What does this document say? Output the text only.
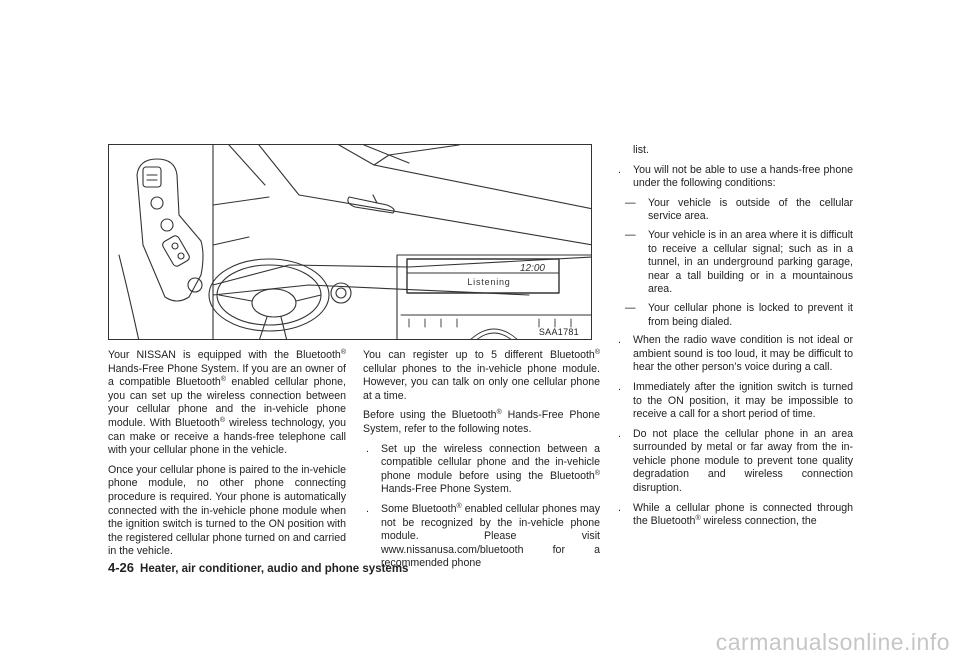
12:00
Listening
SAA1781

Your NISSAN is equipped with the Bluetooth® Hands-Free Phone System. If you are an owner of a compatible Bluetooth® enabled cellular phone, you can set up the wireless connection between your cellular phone and the in-vehicle phone module. With Bluetooth® wireless technology, you can make or receive a hands-free telephone call with your cellular phone in the vehicle.

Once your cellular phone is paired to the in-vehicle phone module, no other phone connecting procedure is required. Your phone is automatically connected with the in-vehicle phone module when the ignition switch is turned to the ON position with the registered cellular phone turned on and carried in the vehicle.

You can register up to 5 different Bluetooth® cellular phones to the in-vehicle phone module. However, you can talk on only one cellular phone at a time.

Before using the Bluetooth® Hands-Free Phone System, refer to the following notes.

. Set up the wireless connection between a compatible cellular phone and the in-vehicle phone module before using the Bluetooth® Hands-Free Phone System.
. Some Bluetooth® enabled cellular phones may not be recognized by the in-vehicle phone module. Please visit www.nissanusa.com/bluetooth for a recommended phone
list.
. You will not be able to use a hands-free phone under the following conditions:
— Your vehicle is outside of the cellular service area.
— Your vehicle is in an area where it is difficult to receive a cellular signal; such as in a tunnel, in an underground parking garage, near a tall building or in a mountainous area.
— Your cellular phone is locked to prevent it from being dialed.
. When the radio wave condition is not ideal or ambient sound is too loud, it may be difficult to hear the other person’s voice during a call.
. Immediately after the ignition switch is turned to the ON position, it may be impossible to receive a call for a short period of time.
. Do not place the cellular phone in an area surrounded by metal or far away from the in-vehicle phone module to prevent tone quality degradation and wireless connection disruption.
. While a cellular phone is connected through the Bluetooth® wireless connection, the
4-26 Heater, air conditioner, audio and phone systems
carmanualsonline.info
